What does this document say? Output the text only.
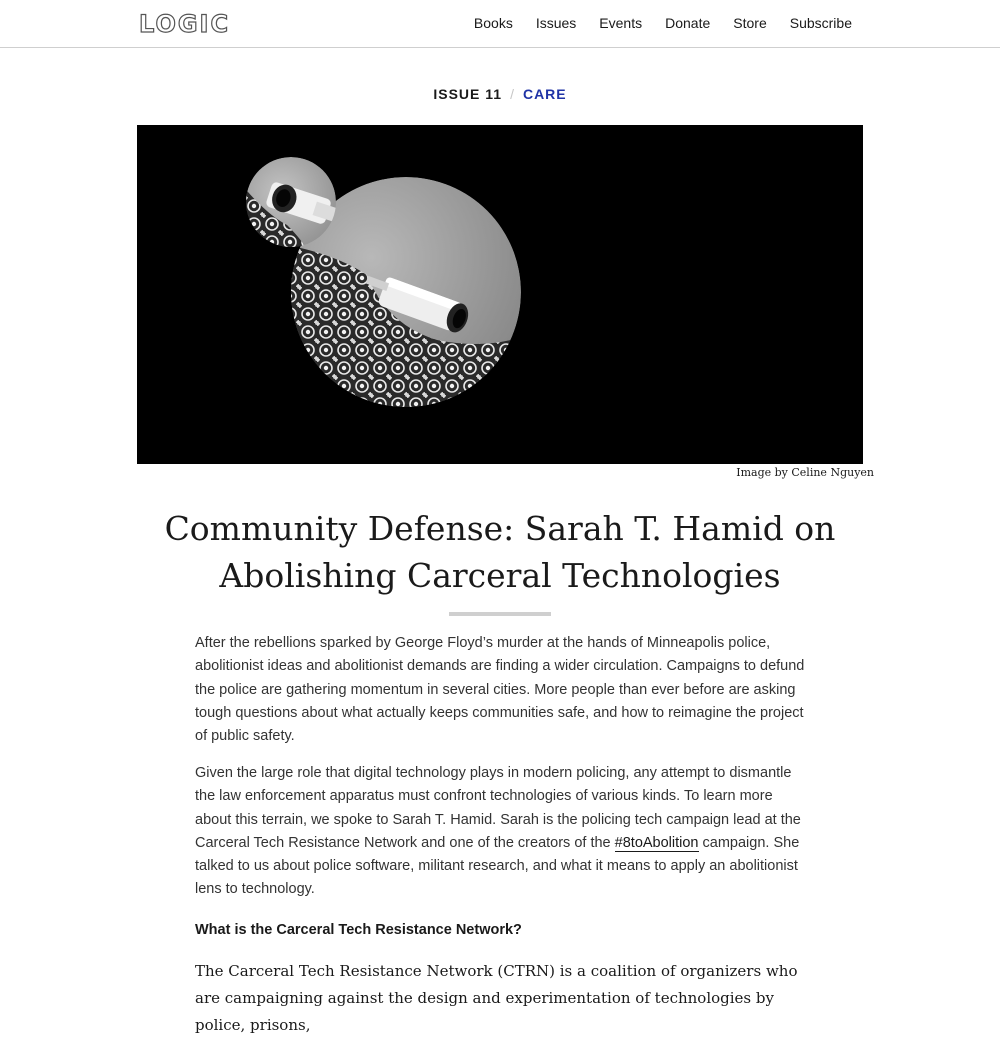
LOGIC	Books Issues Events Donate Store Subscribe
ISSUE 11 / CARE
Image by Celine Nguyen
Community Defense: Sarah T. Hamid on Abolishing Carceral Technologies

After the rebellions sparked by George Floyd’s murder at the hands of Minneapolis police, abolitionist ideas and abolitionist demands are finding a wider circulation. Campaigns to defund the police are gathering momentum in several cities. More people than ever before are asking tough questions about what actually keeps communities safe, and how to reimagine the project of public safety.

Given the large role that digital technology plays in modern policing, any attempt to dismantle the law enforcement apparatus must confront technologies of various kinds. To learn more about this terrain, we spoke to Sarah T. Hamid. Sarah is the policing tech campaign lead at the Carceral Tech Resistance Network and one of the creators of the #8toAbolition campaign. She talked to us about police software, militant research, and what it means to apply an abolitionist lens to technology.

What is the Carceral Tech Resistance Network?

The Carceral Tech Resistance Network (CTRN) is a coalition of organizers who are campaigning against the design and experimentation of technologies by police, prisons,
